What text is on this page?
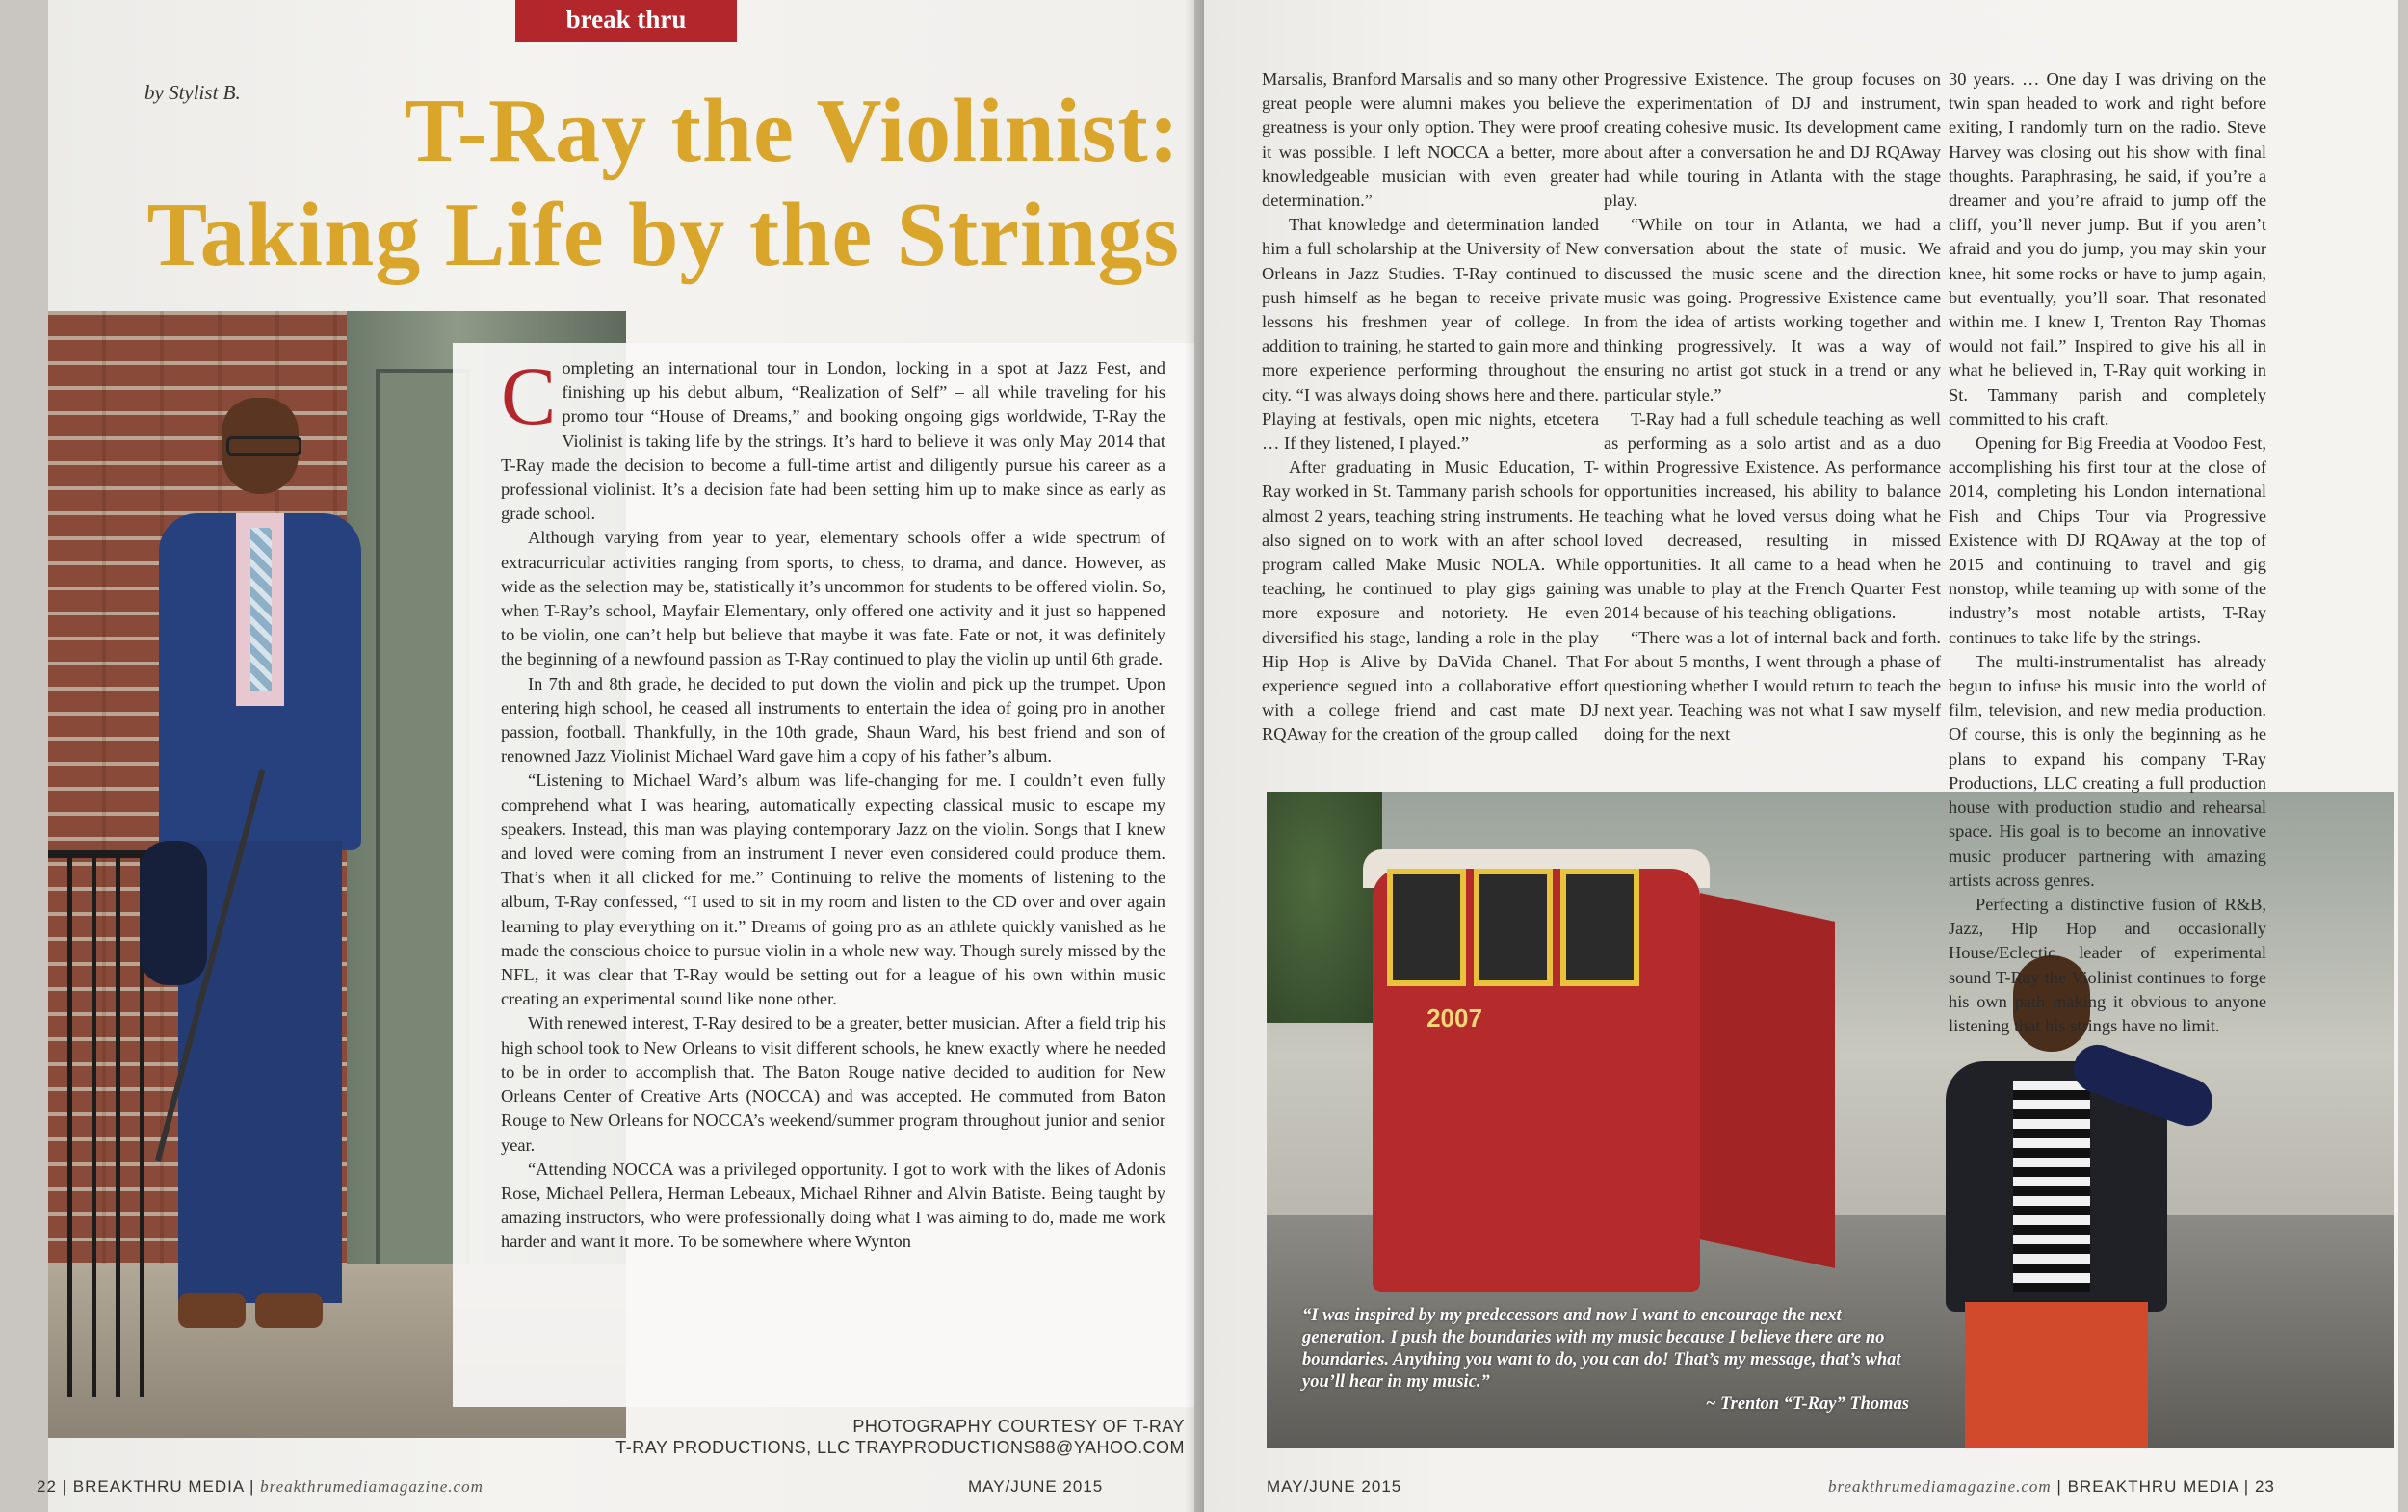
break thru
by Stylist B.	T-Ray the Violinist:
Taking Life by the Strings

Completing an international tour in London, locking in a spot at Jazz Fest, and finishing up his debut album, “Realization of Self” – all while traveling for his promo tour “House of Dreams,” and booking ongoing gigs worldwide, T-Ray the Violinist is taking life by the strings. It’s hard to believe it was only May 2014 that T-Ray made the decision to become a full-time artist and diligently pursue his career as a professional violinist. It’s a decision fate had been setting him up to make since as early as grade school.

Although varying from year to year, elementary schools offer a wide spectrum of extracurricular activities ranging from sports, to chess, to drama, and dance. However, as wide as the selection may be, statistically it’s uncommon for students to be offered violin. So, when T-Ray’s school, Mayfair Elementary, only offered one activity and it just so happened to be violin, one can’t help but believe that maybe it was fate. Fate or not, it was definitely the beginning of a newfound passion as T-Ray continued to play the violin up until 6th grade.

In 7th and 8th grade, he decided to put down the violin and pick up the trumpet. Upon entering high school, he ceased all instruments to entertain the idea of going pro in another passion, football. Thankfully, in the 10th grade, Shaun Ward, his best friend and son of renowned Jazz Violinist Michael Ward gave him a copy of his father’s album.

“Listening to Michael Ward’s album was life-changing for me. I couldn’t even fully comprehend what I was hearing, automatically expecting classical music to escape my speakers. Instead, this man was playing contemporary Jazz on the violin. Songs that I knew and loved were coming from an instrument I never even considered could produce them. That’s when it all clicked for me.” Continuing to relive the moments of listening to the album, T-Ray confessed, “I used to sit in my room and listen to the CD over and over again learning to play everything on it.” Dreams of going pro as an athlete quickly vanished as he made the conscious choice to pursue violin in a whole new way. Though surely missed by the NFL, it was clear that T-Ray would be setting out for a league of his own within music creating an experimental sound like none other.

With renewed interest, T-Ray desired to be a greater, better musician. After a field trip his high school took to New Orleans to visit different schools, he knew exactly where he needed to be in order to accomplish that. The Baton Rouge native decided to audition for New Orleans Center of Creative Arts (NOCCA) and was accepted. He commuted from Baton Rouge to New Orleans for NOCCA’s weekend/summer program throughout junior and senior year.

“Attending NOCCA was a privileged opportunity. I got to work with the likes of Adonis Rose, Michael Pellera, Herman Lebeaux, Michael Rihner and Alvin Batiste. Being taught by amazing instructors, who were professionally doing what I was aiming to do, made me work harder and want it more. To be somewhere where Wynton

PHOTOGRAPHY COURTESY OF T-RAY
T-RAY PRODUCTIONS, LLC TRAYPRODUCTIONS88@YAHOO.COM
22 | BREAKTHRU MEDIA | breakthrumediamagazine.com	MAY/JUNE 2015

Marsalis, Branford Marsalis and so many other great people were alumni makes you believe greatness is your only option. They were proof it was possible. I left NOCCA a better, more knowledgeable musician with even greater determination.”

That knowledge and determination landed him a full scholarship at the University of New Orleans in Jazz Studies. T-Ray continued to push himself as he began to receive private lessons his freshmen year of college. In addition to training, he started to gain more and more experience performing throughout the city. “I was always doing shows here and there. Playing at festivals, open mic nights, etcetera … If they listened, I played.”

After graduating in Music Education, T-Ray worked in St. Tammany parish schools for almost 2 years, teaching string instruments. He also signed on to work with an after school program called Make Music NOLA. While teaching, he continued to play gigs gaining more exposure and notoriety. He even diversified his stage, landing a role in the play Hip Hop is Alive by DaVida Chanel. That experience segued into a collaborative effort with a college friend and cast mate DJ RQAway for the creation of the group called

Progressive Existence. The group focuses on the experimentation of DJ and instrument, creating cohesive music. Its development came about after a conversation he and DJ RQAway had while touring in Atlanta with the stage play.

“While on tour in Atlanta, we had a conversation about the state of music. We discussed the music scene and the direction music was going. Progressive Existence came from the idea of artists working together and thinking progressively. It was a way of ensuring no artist got stuck in a trend or any particular style.”

T-Ray had a full schedule teaching as well as performing as a solo artist and as a duo within Progressive Existence. As performance opportunities increased, his ability to balance teaching what he loved versus doing what he loved decreased, resulting in missed opportunities. It all came to a head when he was unable to play at the French Quarter Fest 2014 because of his teaching obligations.

“There was a lot of internal back and forth. For about 5 months, I went through a phase of questioning whether I would return to teach the next year. Teaching was not what I saw myself doing for the next

2007
“I was inspired by my predecessors and now I want to encourage the next generation. I push the boundaries with my music because I believe there are no boundaries. Anything you want to do, you can do! That’s my message, that’s what you’ll hear in my music.”
~ Trenton “T-Ray” Thomas

30 years. … One day I was driving on the twin span headed to work and right before exiting, I randomly turn on the radio. Steve Harvey was closing out his show with final thoughts. Paraphrasing, he said, if you’re a dreamer and you’re afraid to jump off the cliff, you’ll never jump. But if you aren’t afraid and you do jump, you may skin your knee, hit some rocks or have to jump again, but eventually, you’ll soar. That resonated within me. I knew I, Trenton Ray Thomas would not fail.” Inspired to give his all in what he believed in, T-Ray quit working in St. Tammany parish and completely committed to his craft.

Opening for Big Freedia at Voodoo Fest, accomplishing his first tour at the close of 2014, completing his London international Fish and Chips Tour via Progressive Existence with DJ RQAway at the top of 2015 and continuing to travel and gig nonstop, while teaming up with some of the industry’s most notable artists, T-Ray continues to take life by the strings.

The multi-instrumentalist has already begun to infuse his music into the world of film, television, and new media production. Of course, this is only the beginning as he plans to expand his company T-Ray Productions, LLC creating a full production house with production studio and rehearsal space. His goal is to become an innovative music producer partnering with amazing artists across genres.

Perfecting a distinctive fusion of R&B, Jazz, Hip Hop and occasionally House/Eclectic, leader of experimental sound T-Ray the Violinist continues to forge his own path making it obvious to anyone listening that his strings have no limit.

MAY/JUNE 2015	breakthrumediamagazine.com | BREAKTHRU MEDIA | 23
